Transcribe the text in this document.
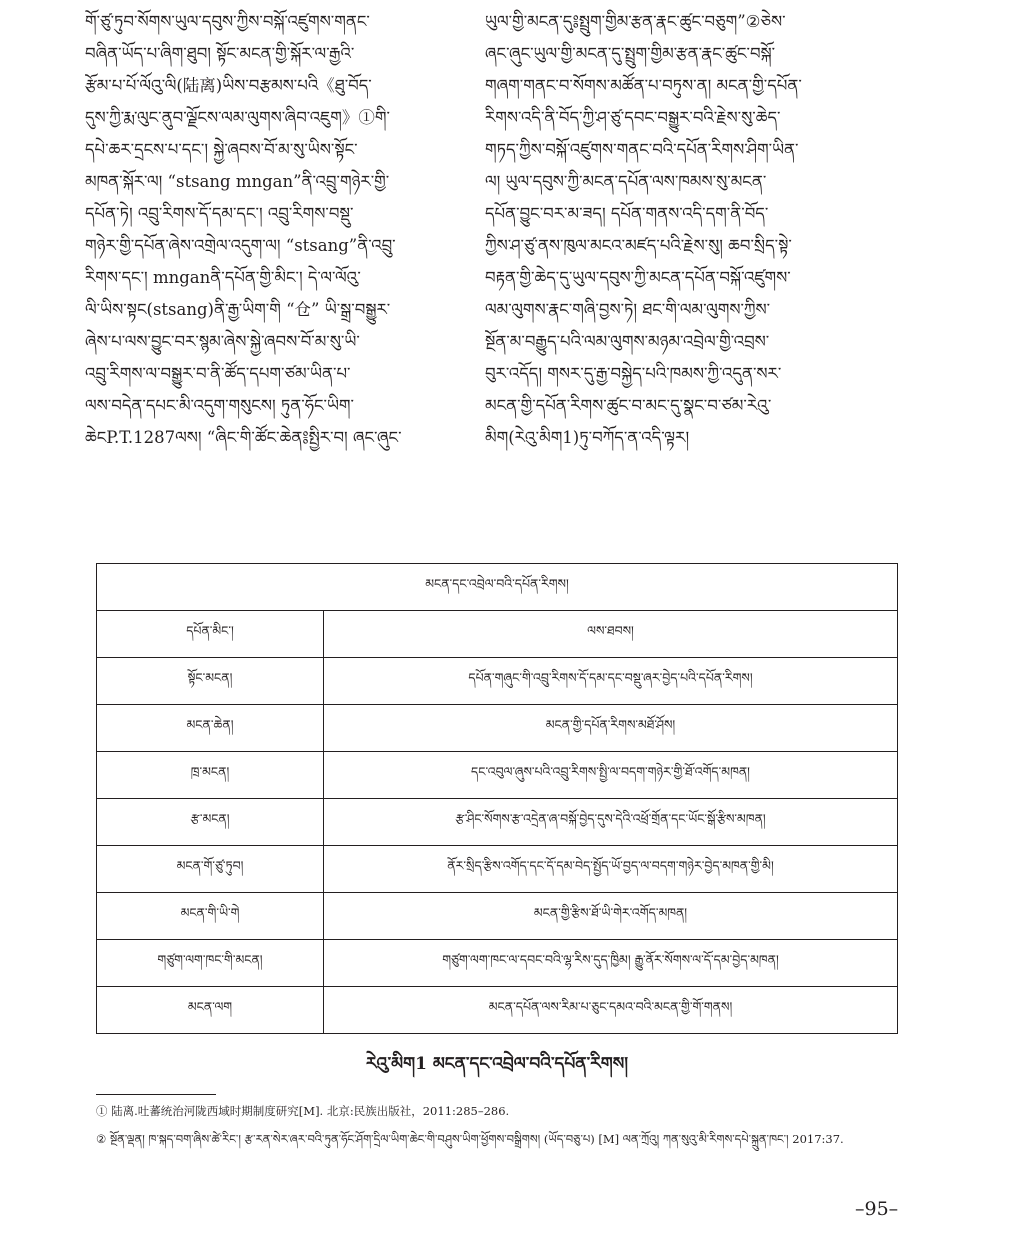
གོ་ཙུ་ཏུབ་སོགས་ཡུལ་དབུས་ཀྱིས་བསྐོ་འཛུགས་གནང་
བཞིན་ཡོད་པ་ཞིག་ཐུབ། སྟོང་མངན་གྱི་སྐོར་ལ་རྒྱའི་
རྩོམ་པ་པོ་ལོའུ་ལི(陆离)ཡིས་བརྩམས་པའི《ཐུ་བོད་
དུས་ཀྱི་རྨ་ལུང་ནུབ་ལྗོངས་ལམ་ལུགས་ཞིབ་འཇུག》①གི་
དཔེ་ཆར་དྲངས་པ་དང་། སྐྱེ་ཞབས་བོ་མ་སུ་ཡིས་སྟོང་
མཁན་སྐོར་ལ། “stsang mngan”ནི་འབྲུ་གཉེར་གྱི་
དཔོན་ཏེ། འབྲུ་རིགས་དོ་དམ་དང་། འབྲུ་རིགས་བསྡུ་
གཉེར་གྱི་དཔོན་ཞེས་འགྲེལ་འདུག་ལ། “stsang”ནི་འབྲུ་
རིགས་དང་། mnganནི་དཔོན་གྱི་མིང་། དེ་ལ་ལོའུ་
ལི་ཡིས་སྟང(stsang)ནི་རྒྱ་ཡིག་གི “仓” ཡི་སྒྲ་བསྒྱུར་
ཞེས་པ་ལས་བྱུང་བར་སྙམ་ཞེས་སྐྱེ་ཞབས་བོ་མ་སུ་ཡི་
འབྲུ་རིགས་ལ་བསྒྱུར་བ་ནི་ཚོད་དཔག་ཙམ་ཡིན་པ་
ལས་བདེན་དཔང་མི་འདུག་གསུངས། ཏུན་ཧོང་ཡིག་
ཆེངP.T.1287ལས། “ཞིང་གི་ཚོང་ཆེན༔སྤྱིར་བ། ཞང་ཞུང་
ཡུལ་གྱི་མངན་དུ༔སྤྲུག་གྱིམ་རྩན་རྣང་ཚུང་བཅུག”②ཅེས་
ཞང་ཞུང་ཡུལ་གྱི་མངན་དུ་སྤྲུག་གྱིམ་རྩན་རྣང་ཚུང་བསྐོ་
གཞག་གནང་བ་སོགས་མཚོན་པ་བཏུས་ན། མངན་གྱི་དཔོན་
རིགས་འདི་ནི་བོད་ཀྱི་ཤ་ཙུ་དབང་བསྒྱུར་བའི་རྗེས་སུ་ཆེད་
གཏད་ཀྱིས་བསྐོ་འཛུགས་གནང་བའི་དཔོན་རིགས་ཤིག་ཡིན་
ལ། ཡུལ་དབུས་ཀྱི་མངན་དཔོན་ལས་ཁམས་སུ་མངན་
དཔོན་བྱུང་བར་མ་ཟད། དཔོན་གནས་འདི་དག་ནི་བོད་
ཀྱིས་ཤ་ཙུ་ནས་ཁུལ་མངའ་མཛད་པའི་རྗེས་སུ། ཆབ་སྲིད་སྟེ་
བརྟན་གྱི་ཆེད་དུ་ཡུལ་དབུས་ཀྱི་མངན་དཔོན་བསྐོ་འཛུགས་
ལམ་ལུགས་རྣང་གཞི་བྱས་ཏེ། ཐང་གི་ལམ་ལུགས་ཀྱིས་
སྔོན་མ་བརྒྱུད་པའི་ལམ་ལུགས་མཉམ་འབྲེལ་གྱི་འབྲས་
བུར་འདོད། གསར་དུ་རྒྱ་བསྐྱེད་པའི་ཁམས་ཀྱི་འདུན་སར་
མངན་གྱི་དཔོན་རིགས་ཚུང་བ་མང་དུ་སྣང་བ་ཙམ་རེའུ་
མིག(རེའུ་མིག1)ཏུ་བཀོད་ན་འདི་ལྟར།
མངན་དང་འབྲེལ་བའི་དཔོན་རིགས།	
དཔོན་མིང་།	ལས་ཐབས།
སྟོང་མངན།	དཔོན་གཞུང་གི་འབྲུ་རིགས་དོ་དམ་དང་བསྡུ་ཞར་བྱེད་པའི་དཔོན་རིགས།
མངན་ཆེན།	མངན་གྱི་དཔོན་རིགས་མཐོ་ཤོས།
ཁྲ་མངན།	དང་འབུལ་ཞུས་པའི་འབྲུ་རིགས་སྤྱི་ལ་བདག་གཉེར་གྱི་ཐོ་འགོད་མཁན།
རྩ་མངན།	རྩ་ཤིང་སོགས་རྩ་འདྲེན་ཞ་བསྐོ་བྱེད་དུས་དེའི་འཕྲོ་གྲོན་དང་ཡོང་སྒོ་རྩིས་མཁན།
མངན་གོ་ཙུ་ཏུབ།	ནོར་སྲིད་རྩིས་འགོད་དང་དོ་དམ་བེད་སྤྱོད་ཡོ་བྱད་ལ་བདག་གཉེར་བྱེད་མཁན་གྱི་མི།
མངན་གི་ཡི་གེ	མངན་གྱི་རྩིས་ཐོ་ཡི་གེར་འགོད་མཁན།
གཙུག་ལག་ཁང་གི་མངན།	གཙུག་ལག་ཁང་ལ་དབང་བའི་ལྷ་རིས་དུད་ཁྱིམ། རྒྱུ་ནོར་སོགས་ལ་དོ་དམ་བྱེད་མཁན།
མངན་ལག	མངན་དཔོན་ལས་རིམ་པ་ཅུང་དམའ་བའི་མངན་གྱི་གོ་གནས།
རེའུ་མིག1 མངན་དང་འབྲེལ་བའི་དཔོན་རིགས།
① 陆离.吐蕃统治河陇西域时期制度研究[M]. 北京:民族出版社，2011:285–286.
② སྔོན་ལྡན། ཁ་སྐད་བག་ཞིས་ཚེ་རིང་། རྩ་རན་སེར་ཞར་བའི་ཏུན་ཧོང་ཤོག་དྲིལ་ཡིག་ཆེང་གི་བཤུས་ཡིག་ཕྱོགས་བསྒྲིགས། (ཡོད་བཅུ་པ) [M] ལན་ཀྲོའུ། ཀན་སུའུ་མི་རིགས་དཔེ་སྐྲུན་ཁང་། 2017:37.
–95–
